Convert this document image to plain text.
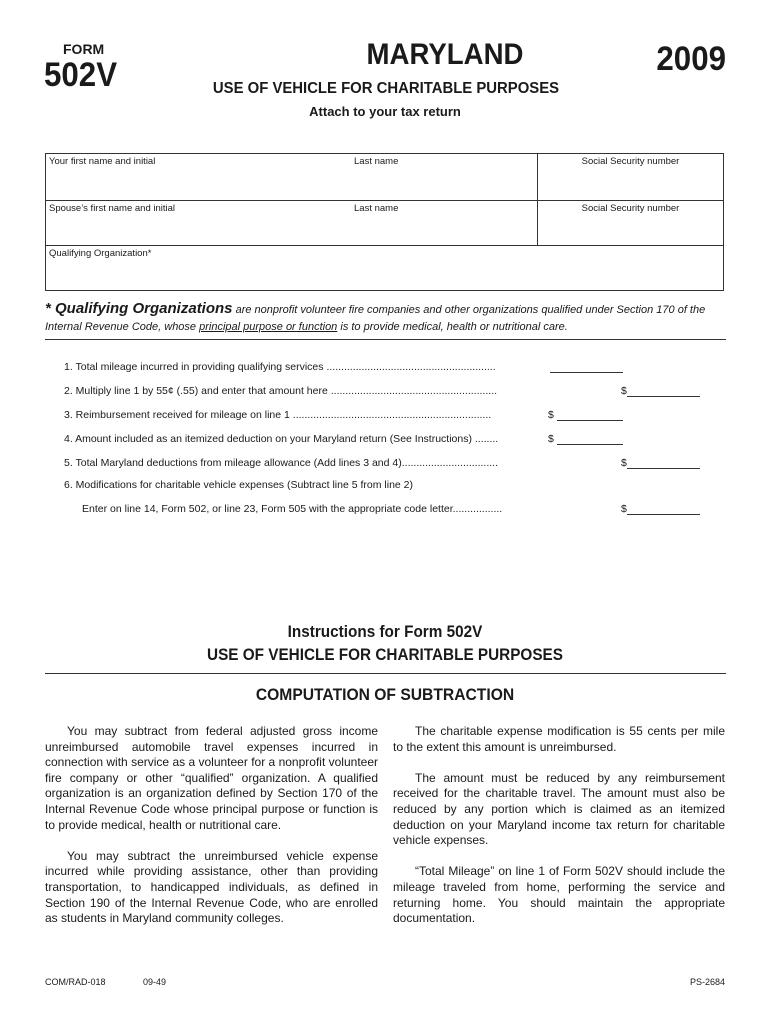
FORM
502V
MARYLAND	2009
USE OF VEHICLE FOR CHARITABLE PURPOSES
Attach to your tax return
Your first name and initial	Last name	Social Security number
Spouse’s first name and initial	Last name	Social Security number
Qualifying Organization*
* Qualifying Organizations are nonprofit volunteer fire companies and other organizations qualified under Section 170 of the Internal Revenue Code, whose principal purpose or function is to provide medical, health or nutritional care.
1. Total mileage incurred in providing qualifying services ..........................................................
2. Multiply line 1 by 55¢ (.55) and enter that amount here .........................................................	$
3. Reimbursement received for mileage on line 1 ....................................................................	$
4. Amount included as an itemized deduction on your Maryland return (See Instructions) ........	$
5. Total Maryland deductions from mileage allowance (Add lines 3 and 4).................................	$
6. Modifications for charitable vehicle expenses (Subtract line 5 from line 2)
Enter on line 14, Form 502, or line 23, Form 505 with the appropriate code letter.................	$
Instructions for Form 502V
USE OF VEHICLE FOR CHARITABLE PURPOSES
COMPUTATION OF SUBTRACTION

You may subtract from federal adjusted gross income unreimbursed automobile travel expenses incurred in connection with service as a volunteer for a nonprofit volunteer fire company or other “qualified” organization. A qualified organization is an organization defined by Section 170 of the Internal Revenue Code whose principal purpose or function is to provide medical, health or nutritional care.

You may subtract the unreimbursed vehicle expense incurred while providing assistance, other than providing transportation, to handicapped individuals, as defined in Section 190 of the Internal Revenue Code, who are enrolled as students in Maryland community colleges.

The charitable expense modification is 55 cents per mile to the extent this amount is unreimbursed.

The amount must be reduced by any reimbursement received for the charitable travel. The amount must also be reduced by any portion which is claimed as an itemized deduction on your Maryland income tax return for charitable vehicle expenses.

“Total Mileage” on line 1 of Form 502V should include the mileage traveled from home, performing the service and returning home. You should maintain the appropriate documentation.

COM/RAD-018	09-49	PS-2684
